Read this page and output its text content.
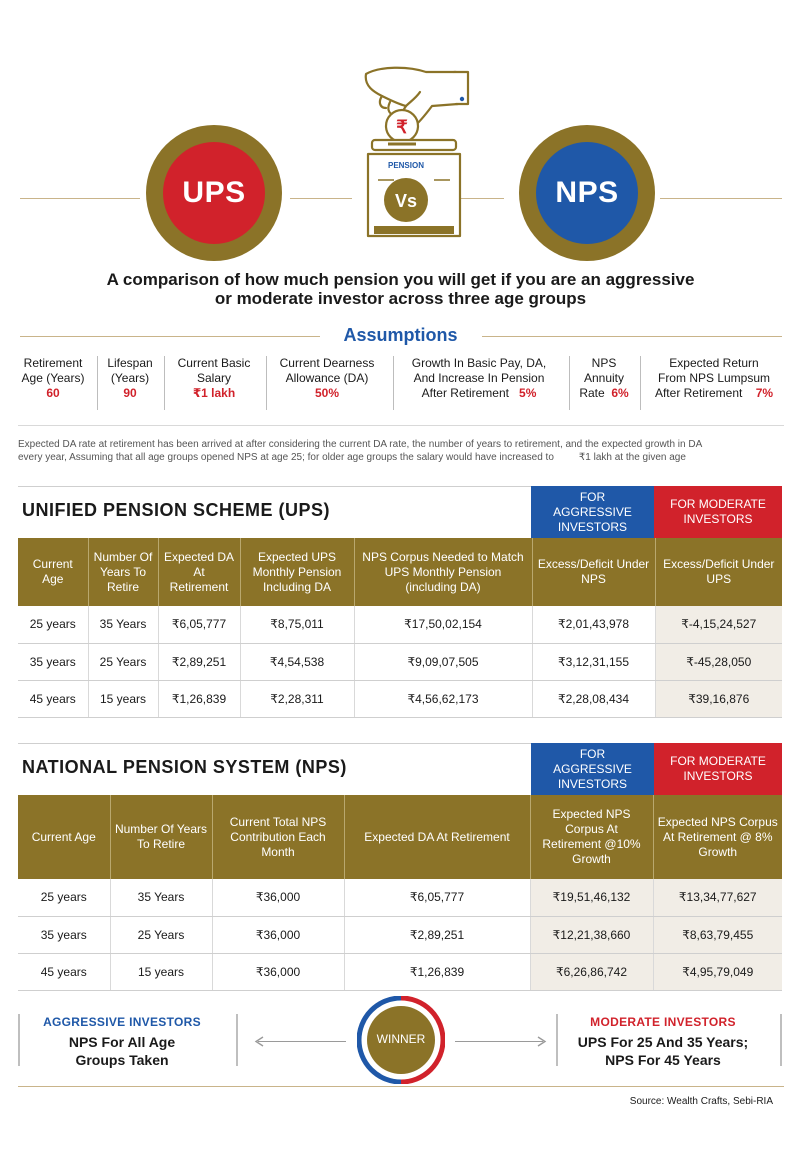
UPS	NPS
₹
PENSION
Vs
A comparison of how much pension you will get if you are an aggressive
or moderate investor across three age groups
Assumptions
Retirement
Age (Years)
60
Lifespan
(Years)
90
Current Basic
Salary
₹1 lakh
Current Dearness
Allowance (DA)
50%
Growth In Basic Pay, DA,
And Increase In Pension
After Retirement 5%
NPS
Annuity
Rate 6%
Expected Return
From NPS Lumpsum
After Retirement 7%
Expected DA rate at retirement has been arrived at after considering the current DA rate, the number of years to retirement, and the expected growth in DA
every year, Assuming that all age groups opened NPS at age 25; for older age groups the salary would have increased to	₹1 lakh at the given age
UNIFIED PENSION SCHEME (UPS)
FOR AGGRESSIVE INVESTORS
FOR MODERATE INVESTORS
Current Age	Number Of Years To Retire	Expected DA At Retirement	Expected UPS Monthly Pension Including DA	NPS Corpus Needed to Match UPS Monthly Pension (including DA)	Excess/Deficit Under NPS	Excess/Deficit Under UPS
25 years	35 Years	₹6,05,777	₹8,75,011	₹17,50,02,154	₹2,01,43,978	₹-4,15,24,527
35 years	25 Years	₹2,89,251	₹4,54,538	₹9,09,07,505	₹3,12,31,155	₹-45,28,050
45 years	15 years	₹1,26,839	₹2,28,311	₹4,56,62,173	₹2,28,08,434	₹39,16,876
NATIONAL PENSION SYSTEM (NPS)
FOR AGGRESSIVE INVESTORS
FOR MODERATE INVESTORS
Current Age	Number Of Years To Retire	Current Total NPS Contribution Each Month	Expected DA At Retirement	Expected NPS Corpus At Retirement @10% Growth	Expected NPS Corpus At Retirement @ 8% Growth
25 years	35 Years	₹36,000	₹6,05,777	₹19,51,46,132	₹13,34,77,627
35 years	25 Years	₹36,000	₹2,89,251	₹12,21,38,660	₹8,63,79,455
45 years	15 years	₹36,000	₹1,26,839	₹6,26,86,742	₹4,95,79,049
AGGRESSIVE INVESTORS
NPS For All Age
Groups Taken
WINNER
MODERATE INVESTORS
UPS For 25 And 35 Years;
NPS For 45 Years
Source: Wealth Crafts, Sebi-RIA
